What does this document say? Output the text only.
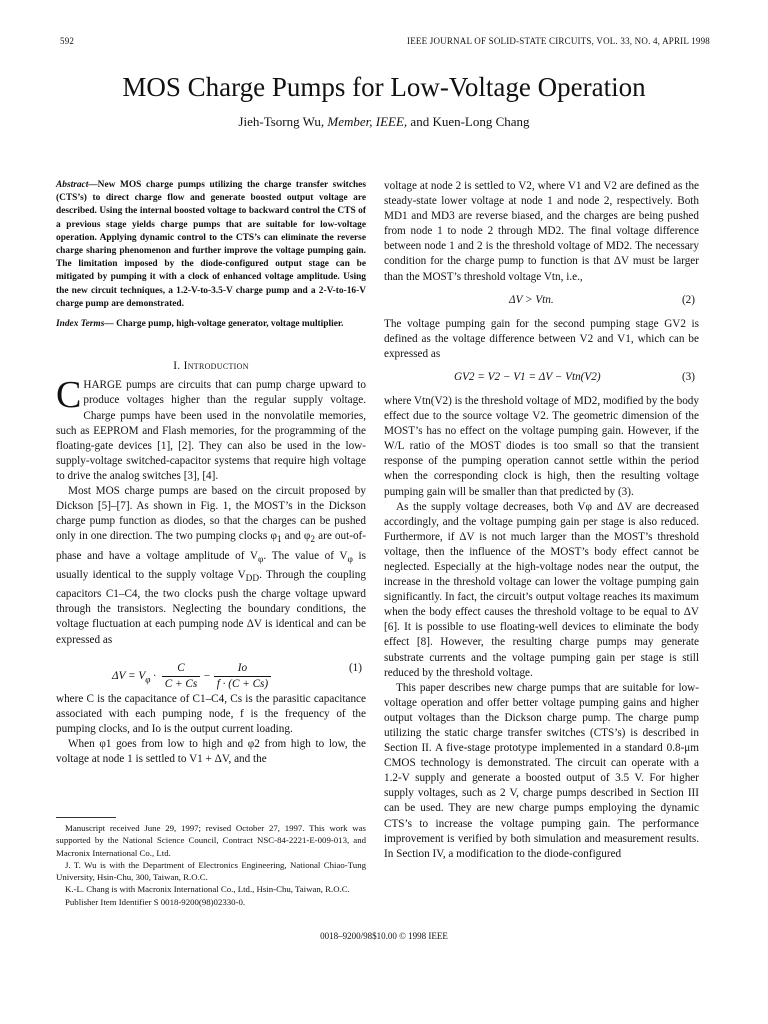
592	IEEE JOURNAL OF SOLID-STATE CIRCUITS, VOL. 33, NO. 4, APRIL 1998
MOS Charge Pumps for Low-Voltage Operation
Jieh-Tsorng Wu, Member, IEEE, and Kuen-Long Chang
Abstract—New MOS charge pumps utilizing the charge transfer switches (CTS’s) to direct charge flow and generate boosted output voltage are described. Using the internal boosted voltage to backward control the CTS of a previous stage yields charge pumps that are suitable for low-voltage operation. Applying dynamic control to the CTS’s can eliminate the reverse charge sharing phenomenon and further improve the voltage pumping gain. The limitation imposed by the diode-configured output stage can be mitigated by pumping it with a clock of enhanced voltage amplitude. Using the new circuit techniques, a 1.2-V-to-3.5-V charge pump and a 2-V-to-16-V charge pump are demonstrated.
Index Terms— Charge pump, high-voltage generator, voltage multiplier.
I. Introduction

CHARGE pumps are circuits that can pump charge upward to produce voltages higher than the regular supply voltage. Charge pumps have been used in the nonvolatile memories, such as EEPROM and Flash memories, for the programming of the floating-gate devices [1], [2]. They can also be used in the low-supply-voltage switched-capacitor systems that require high voltage to drive the analog switches [3], [4].

Most MOS charge pumps are based on the circuit proposed by Dickson [5]–[7]. As shown in Fig. 1, the MOST’s in the Dickson charge pump function as diodes, so that the charges can be pushed only in one direction. The two pumping clocks $\varphi_1$ and $\varphi_2$ are out-of-phase and have a voltage amplitude of $V_\varphi$. The value of $V_\varphi$ is usually identical to the supply voltage $V_{DD}$. Through the coupling capacitors C1–C4, the two clocks push the charge voltage upward through the transistors. Neglecting the boundary conditions, the voltage fluctuation at each pumping node ΔV is identical and can be expressed as

$\Delta V = V_\varphi \cdot \frac{C}{C + Cs} - \frac{Io}{f \cdot (C + Cs)}$	(1)

where C is the capacitance of C1–C4, Cs is the parasitic capacitance associated with each pumping node, f is the frequency of the pumping clocks, and Io is the output current loading.

When φ1 goes from low to high and φ2 from high to low, the voltage at node 1 is settled to V1 + ΔV, and the

voltage at node 2 is settled to V2, where V1 and V2 are defined as the steady-state lower voltage at node 1 and node 2, respectively. Both MD1 and MD3 are reverse biased, and the charges are being pushed from node 1 to node 2 through MD2. The final voltage difference between node 1 and 2 is the threshold voltage of MD2. The necessary condition for the charge pump to function is that ΔV must be larger than the MOST’s threshold voltage Vtn, i.e.,

ΔV > Vtn.	(2)

The voltage pumping gain for the second pumping stage GV2 is defined as the voltage difference between V2 and V1, which can be expressed as

GV2 = V2 − V1 = ΔV − Vtn(V2)	(3)

where Vtn(V2) is the threshold voltage of MD2, modified by the body effect due to the source voltage V2. The geometric dimension of the MOST’s has no effect on the voltage pumping gain. However, if the W/L ratio of the MOST diodes is too small so that the transient response of the pumping operation cannot settle within the period when the corresponding clock is high, then the resulting voltage pumping gain will be smaller than that predicted by (3).

As the supply voltage decreases, both Vφ and ΔV are decreased accordingly, and the voltage pumping gain per stage is also reduced. Furthermore, if ΔV is not much larger than the MOST’s threshold voltage, then the influence of the MOST’s body effect cannot be neglected. Especially at the high-voltage nodes near the output, the increase in the threshold voltage can lower the voltage pumping gain significantly. In fact, the circuit’s output voltage reaches its maximum when the body effect causes the threshold voltage to be equal to ΔV [6]. It is possible to use floating-well devices to eliminate the body effect [8]. However, the resulting charge pumps may generate substrate currents and the voltage pumping gain per stage is still reduced by the threshold voltage.

This paper describes new charge pumps that are suitable for low-voltage operation and offer better voltage pumping gains and higher output voltages than the Dickson charge pump. The charge pump utilizing the static charge transfer switches (CTS’s) is described in Section II. A five-stage prototype implemented in a standard 0.8-μm CMOS technology is demonstrated. The circuit can operate with a 1.2-V supply and generate a boosted output of 3.5 V. For higher supply voltages, such as 2 V, charge pumps described in Section III can be used. They are new charge pumps employing the dynamic CTS’s to increase the voltage pumping gain. The performance improvement is verified by both simulation and measurement results. In Section IV, a modification to the diode-configured

Manuscript received June 29, 1997; revised October 27, 1997. This work was supported by the National Science Council, Contract NSC-84-2221-E-009-013, and Macronix International Co., Ltd.
J. T. Wu is with the Department of Electronics Engineering, National Chiao-Tung University, Hsin-Chu, 300, Taiwan, R.O.C.
K.-L. Chang is with Macronix International Co., Ltd., Hsin-Chu, Taiwan, R.O.C.
Publisher Item Identifier S 0018-9200(98)02330-0.
0018–9200/98$10.00 © 1998 IEEE
